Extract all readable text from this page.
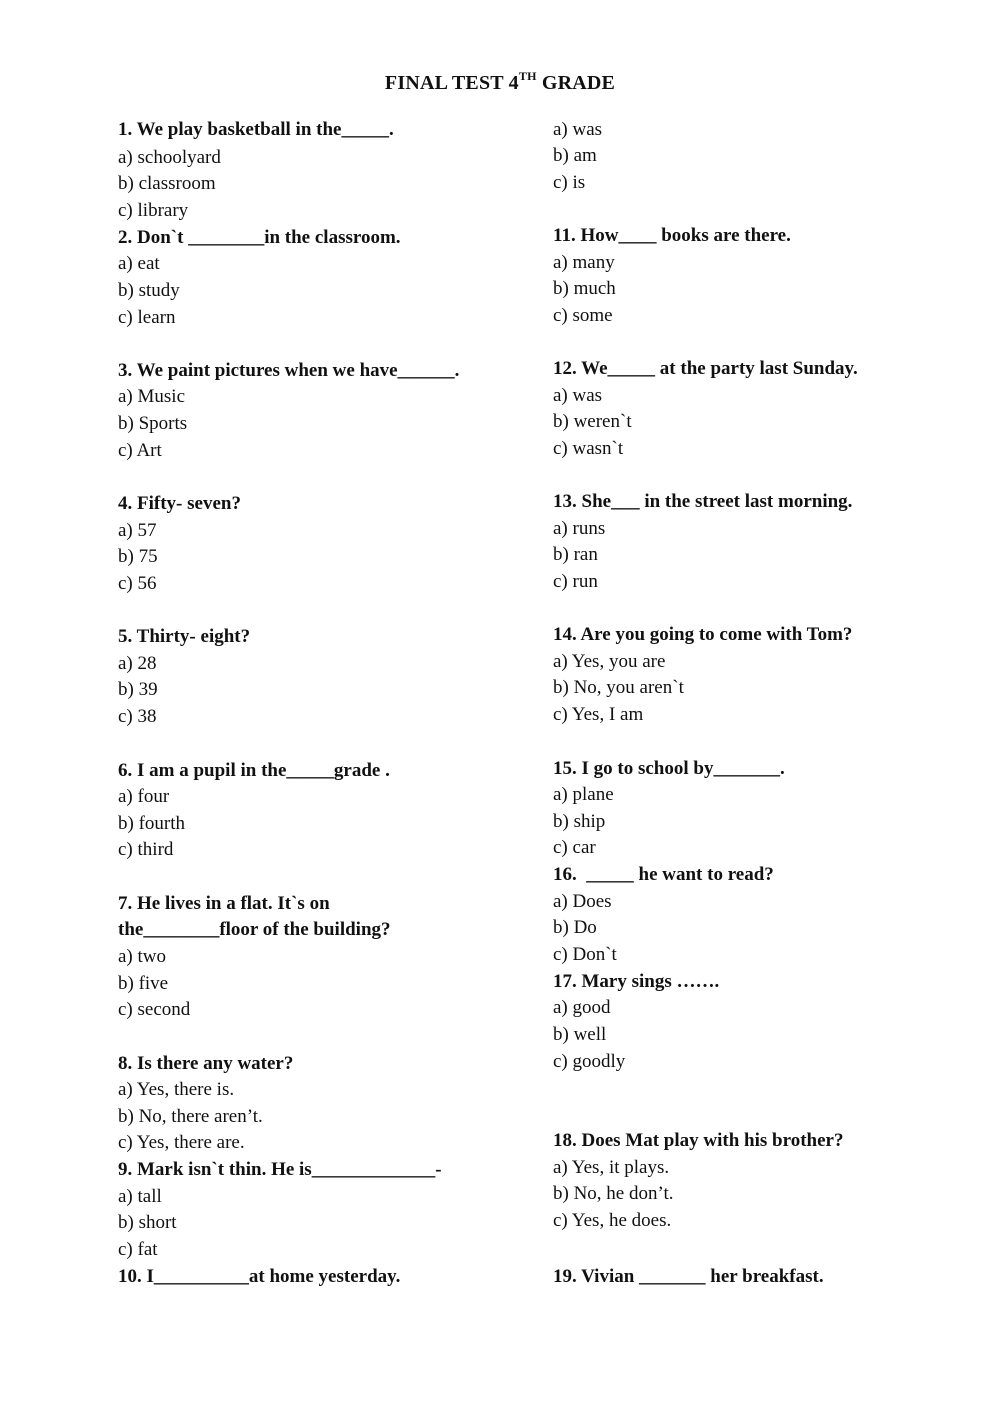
FINAL TEST 4TH GRADE
1. We play basketball in the_____.
a) schoolyard
b) classroom
c) library
2. Don`t ________in the classroom.
a) eat
b) study
c) learn
3. We paint pictures when we have______.
a) Music
b) Sports
c) Art
4. Fifty- seven?
a) 57
b) 75
c) 56
5. Thirty- eight?
a) 28
b) 39
c) 38
6. I am a pupil in the_____grade .
a) four
b) fourth
c) third
7. He lives in a flat. It`s on
the________floor of the building?
a) two
b) five
c) second
8. Is there any water?
a) Yes, there is.
b) No, there aren’t.
c) Yes, there are.
9. Mark isn`t thin. He is_____________-
a) tall
b) short
c) fat
10. I__________at home yesterday.
a) was
b) am
c) is
11. How____ books are there.
a) many
b) much
c) some
12. We_____ at the party last Sunday.
a) was
b) weren`t
c) wasn`t
13. She___ in the street last morning.
a) runs
b) ran
c) run
14. Are you going to come with Tom?
a) Yes, you are
b) No, you aren`t
c) Yes, I am
15. I go to school by_______.
a) plane
b) ship
c) car
16.  _____ he want to read?
a) Does
b) Do
c) Don`t
17. Mary sings …….
a) good
b) well
c) goodly
18. Does Mat play with his brother?
a) Yes, it plays.
b) No, he don’t.
c) Yes, he does.
19. Vivian _______ her breakfast.
